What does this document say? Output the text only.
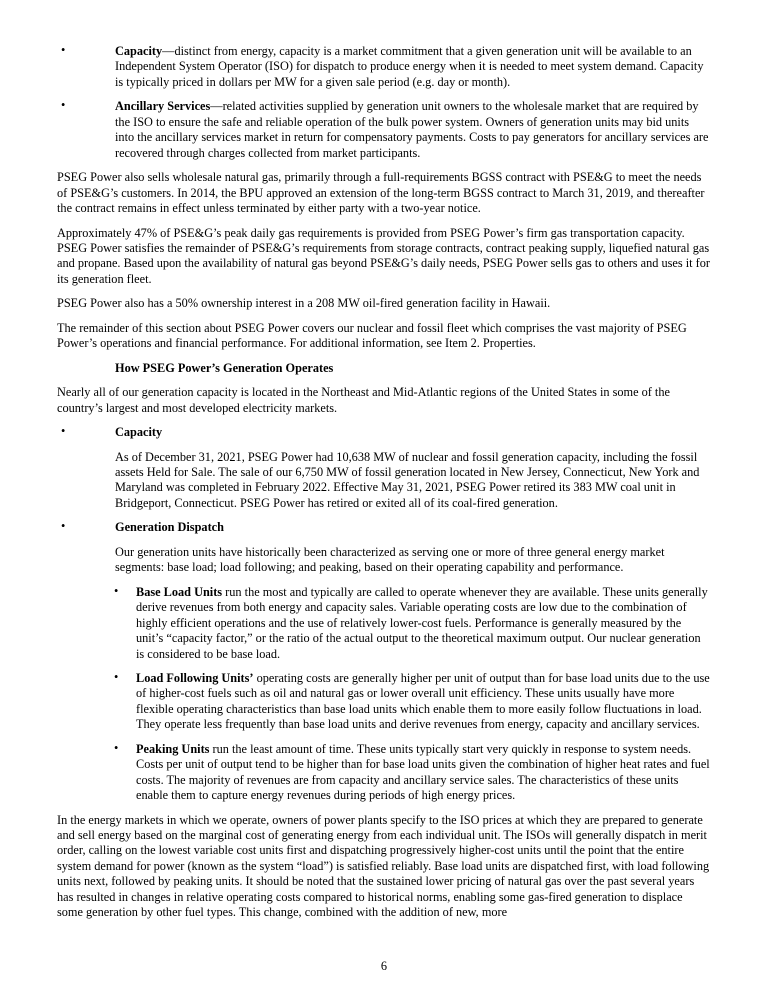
•	Capacity—distinct from energy, capacity is a market commitment that a given generation unit will be available to an Independent System Operator (ISO) for dispatch to produce energy when it is needed to meet system demand. Capacity is typically priced in dollars per MW for a given sale period (e.g. day or month).
•	Ancillary Services—related activities supplied by generation unit owners to the wholesale market that are required by the ISO to ensure the safe and reliable operation of the bulk power system. Owners of generation units may bid units into the ancillary services market in return for compensatory payments. Costs to pay generators for ancillary services are recovered through charges collected from market participants.

PSEG Power also sells wholesale natural gas, primarily through a full-requirements BGSS contract with PSE&G to meet the needs of PSE&G’s customers. In 2014, the BPU approved an extension of the long-term BGSS contract to March 31, 2019, and thereafter the contract remains in effect unless terminated by either party with a two-year notice.

Approximately 47% of PSE&G’s peak daily gas requirements is provided from PSEG Power’s firm gas transportation capacity. PSEG Power satisfies the remainder of PSE&G’s requirements from storage contracts, contract peaking supply, liquefied natural gas and propane. Based upon the availability of natural gas beyond PSE&G’s daily needs, PSEG Power sells gas to others and uses it for its generation fleet.

PSEG Power also has a 50% ownership interest in a 208 MW oil-fired generation facility in Hawaii.

The remainder of this section about PSEG Power covers our nuclear and fossil fleet which comprises the vast majority of PSEG Power’s operations and financial performance. For additional information, see Item 2. Properties.

How PSEG Power’s Generation Operates

Nearly all of our generation capacity is located in the Northeast and Mid-Atlantic regions of the United States in some of the country’s largest and most developed electricity markets.

•	Capacity

As of December 31, 2021, PSEG Power had 10,638 MW of nuclear and fossil generation capacity, including the fossil assets Held for Sale. The sale of our 6,750 MW of fossil generation located in New Jersey, Connecticut, New York and Maryland was completed in February 2022. Effective May 31, 2021, PSEG Power retired its 383 MW coal unit in Bridgeport, Connecticut. PSEG Power has retired or exited all of its coal-fired generation.

•	Generation Dispatch

Our generation units have historically been characterized as serving one or more of three general energy market segments: base load; load following; and peaking, based on their operating capability and performance.

• Base Load Units run the most and typically are called to operate whenever they are available. These units generally derive revenues from both energy and capacity sales. Variable operating costs are low due to the combination of highly efficient operations and the use of relatively lower-cost fuels. Performance is generally measured by the unit’s “capacity factor,” or the ratio of the actual output to the theoretical maximum output. Our nuclear generation is considered to be base load.
• Load Following Units’ operating costs are generally higher per unit of output than for base load units due to the use of higher-cost fuels such as oil and natural gas or lower overall unit efficiency. These units usually have more flexible operating characteristics than base load units which enable them to more easily follow fluctuations in load. They operate less frequently than base load units and derive revenues from energy, capacity and ancillary services.
• Peaking Units run the least amount of time. These units typically start very quickly in response to system needs. Costs per unit of output tend to be higher than for base load units given the combination of higher heat rates and fuel costs. The majority of revenues are from capacity and ancillary service sales. The characteristics of these units enable them to capture energy revenues during periods of high energy prices.

In the energy markets in which we operate, owners of power plants specify to the ISO prices at which they are prepared to generate and sell energy based on the marginal cost of generating energy from each individual unit. The ISOs will generally dispatch in merit order, calling on the lowest variable cost units first and dispatching progressively higher-cost units until the point that the entire system demand for power (known as the system “load”) is satisfied reliably. Base load units are dispatched first, with load following units next, followed by peaking units. It should be noted that the sustained lower pricing of natural gas over the past several years has resulted in changes in relative operating costs compared to historical norms, enabling some gas-fired generation to displace some generation by other fuel types. This change, combined with the addition of new, more

6
